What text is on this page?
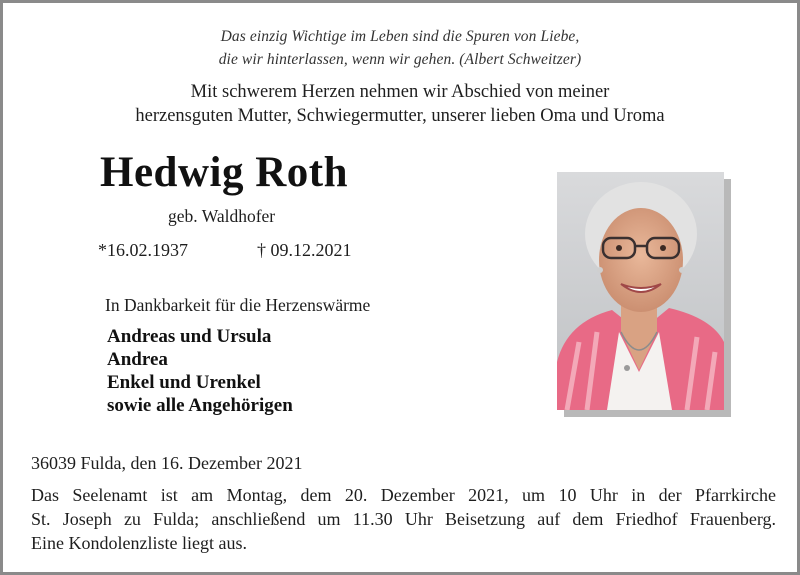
Das einzig Wichtige im Leben sind die Spuren von Liebe,
die wir hinterlassen, wenn wir gehen. (Albert Schweitzer)
Mit schwerem Herzen nehmen wir Abschied von meiner
herzensguten Mutter, Schwiegermutter, unserer lieben Oma und Uroma
Hedwig Roth
geb. Waldhofer
*16.02.1937	† 09.12.2021
In Dankbarkeit für die Herzenswärme
Andreas und Ursula
Andrea
Enkel und Urenkel
sowie alle Angehörigen
36039 Fulda, den 16. Dezember 2021
Das Seelenamt ist am Montag, dem 20. Dezember 2021, um 10 Uhr in der Pfarrkirche
St. Joseph zu Fulda; anschließend um 11.30 Uhr Beisetzung auf dem Friedhof Frauenberg.
Eine Kondolenzliste liegt aus.
